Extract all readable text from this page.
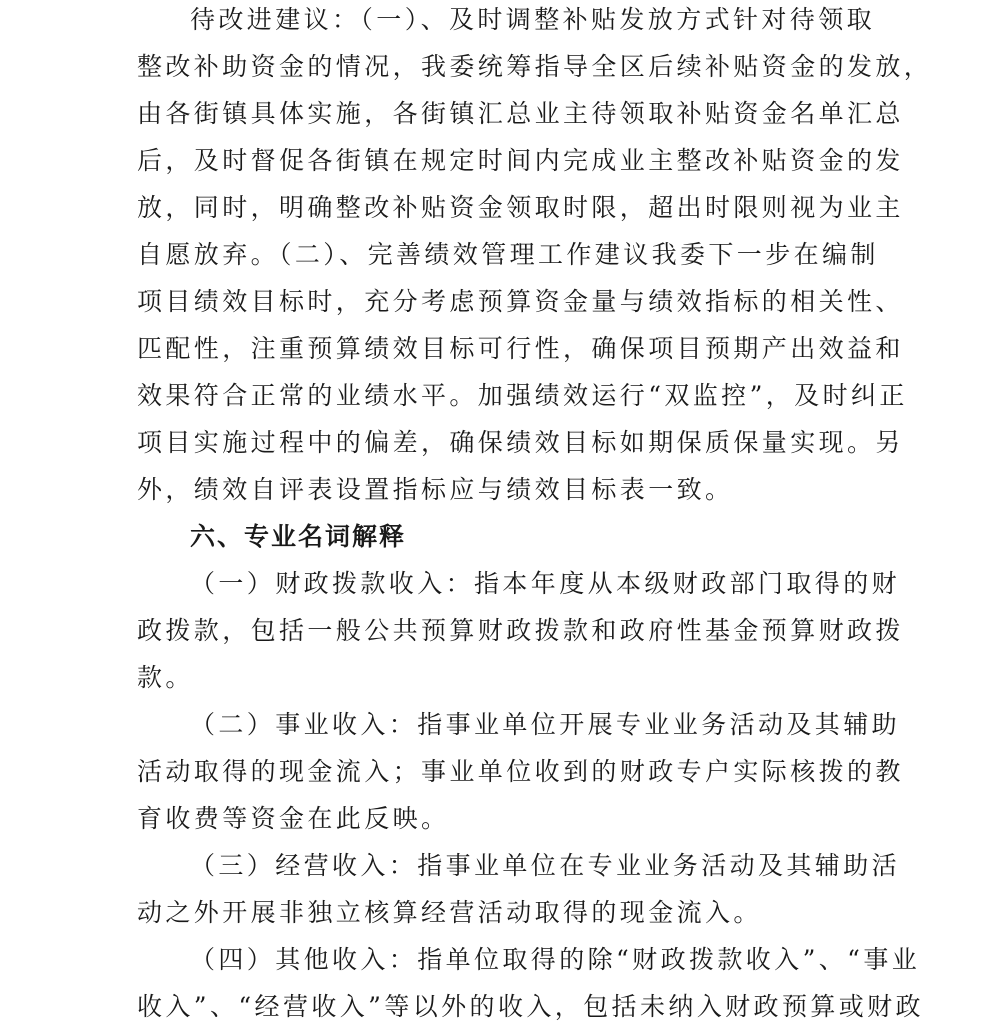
待改进建议：（一）、及时调整补贴发放方式针对待领取
整改补助资金的情况，我委统筹指导全区后续补贴资金的发放，
由各街镇具体实施，各街镇汇总业主待领取补贴资金名单汇总
后，及时督促各街镇在规定时间内完成业主整改补贴资金的发
放，同时，明确整改补贴资金领取时限，超出时限则视为业主
自愿放弃。（二）、完善绩效管理工作建议我委下一步在编制
项目绩效目标时，充分考虑预算资金量与绩效指标的相关性、
匹配性，注重预算绩效目标可行性，确保项目预期产出效益和
效果符合正常的业绩水平。加强绩效运行“双监控”，及时纠正
项目实施过程中的偏差，确保绩效目标如期保质保量实现。另
外，绩效自评表设置指标应与绩效目标表一致。
六、专业名词解释
（一）财政拨款收入：指本年度从本级财政部门取得的财
政拨款，包括一般公共预算财政拨款和政府性基金预算财政拨
款。
（二）事业收入：指事业单位开展专业业务活动及其辅助
活动取得的现金流入；事业单位收到的财政专户实际核拨的教
育收费等资金在此反映。
（三）经营收入：指事业单位在专业业务活动及其辅助活
动之外开展非独立核算经营活动取得的现金流入。
（四）其他收入：指单位取得的除“财政拨款收入”、“事业
收入”、“经营收入”等以外的收入，包括未纳入财政预算或财政
